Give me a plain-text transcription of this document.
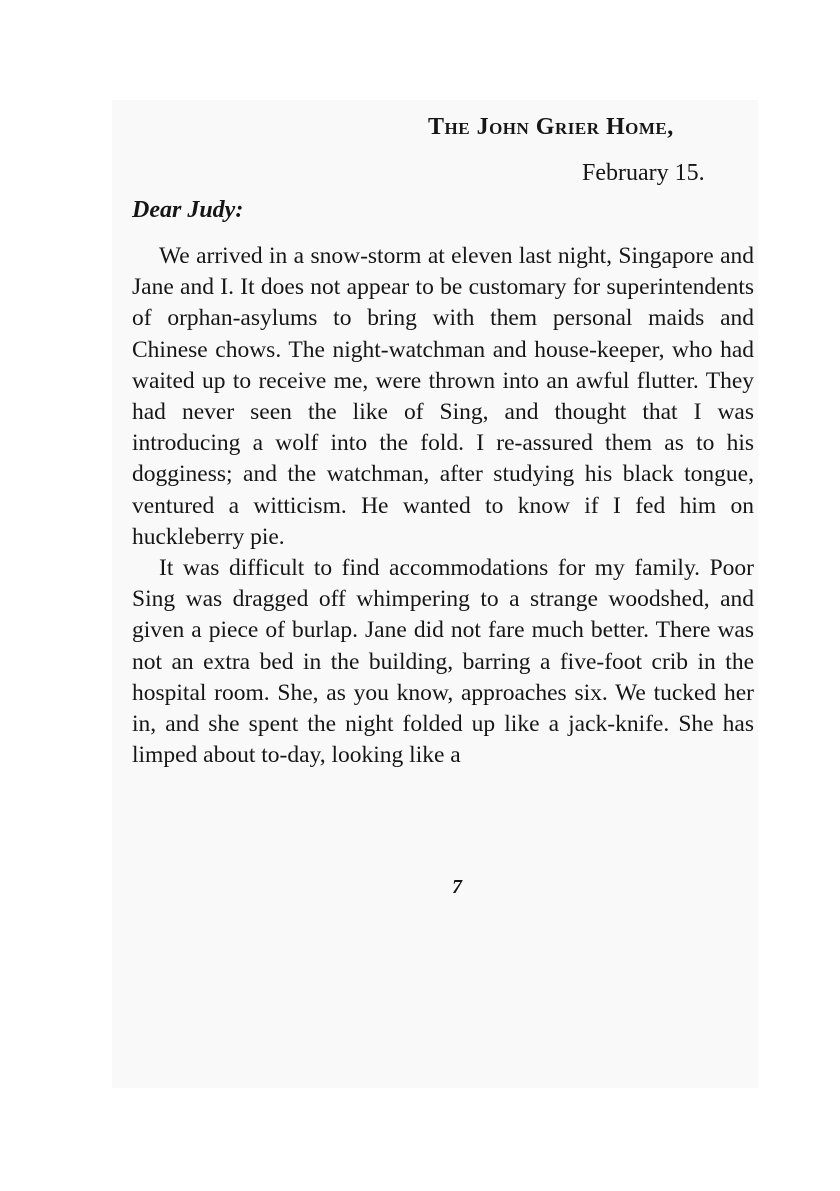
The John Grier Home,
February 15.
Dear Judy:

We arrived in a snow-storm at eleven last night, Singapore and Jane and I. It does not appear to be customary for superintendents of orphan-asylums to bring with them personal maids and Chinese chows. The night-watchman and house-keeper, who had waited up to receive me, were thrown into an awful flutter. They had never seen the like of Sing, and thought that I was introducing a wolf into the fold. I re-assured them as to his dogginess; and the watchman, after studying his black tongue, ventured a witticism. He wanted to know if I fed him on huckleberry pie.

It was difficult to find accommodations for my family. Poor Sing was dragged off whimpering to a strange woodshed, and given a piece of burlap. Jane did not fare much better. There was not an extra bed in the building, barring a five-foot crib in the hospital room. She, as you know, approaches six. We tucked her in, and she spent the night folded up like a jack-knife. She has limped about to-day, looking like a

7
